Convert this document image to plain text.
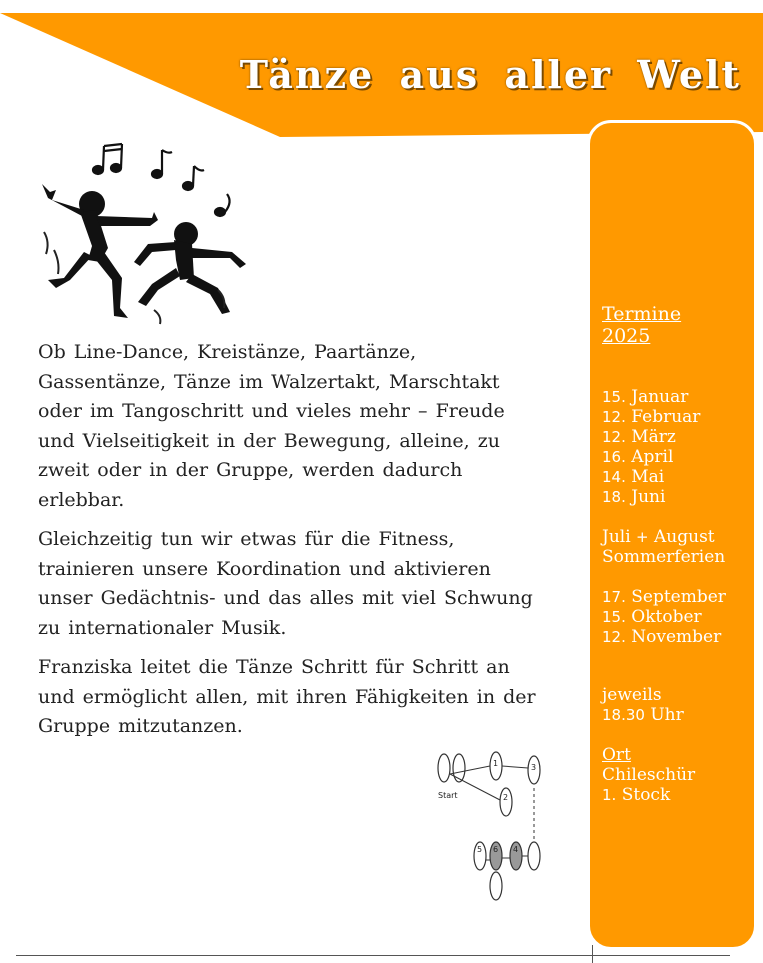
Tänze aus aller Welt

Ob Line-Dance, Kreistänze, Paartänze, Gassentänze, Tänze im Walzertakt, Marschtakt oder im Tangoschritt und vieles mehr – Freude und Vielseitigkeit in der Bewegung, alleine, zu zweit oder in der Gruppe, werden dadurch erlebbar.

Gleichzeitig tun wir etwas für die Fitness, trainieren unsere Koordination und aktivieren unser Gedächtnis- und das alles mit viel Schwung zu internationaler Musik.

Franziska leitet die Tänze Schritt für Schritt an und ermöglicht allen, mit ihren Fähigkeiten in der Gruppe mitzutanzen.

Start
1
2
3
4
5 6
Termine
2025
15. Januar
12. Februar
12. März
16. April
14. Mai
18. Juni
Juli + August
Sommerferien
17. September
15. Oktober
12. November
jeweils
18.30 Uhr
Ort
Chileschür
1. Stock
